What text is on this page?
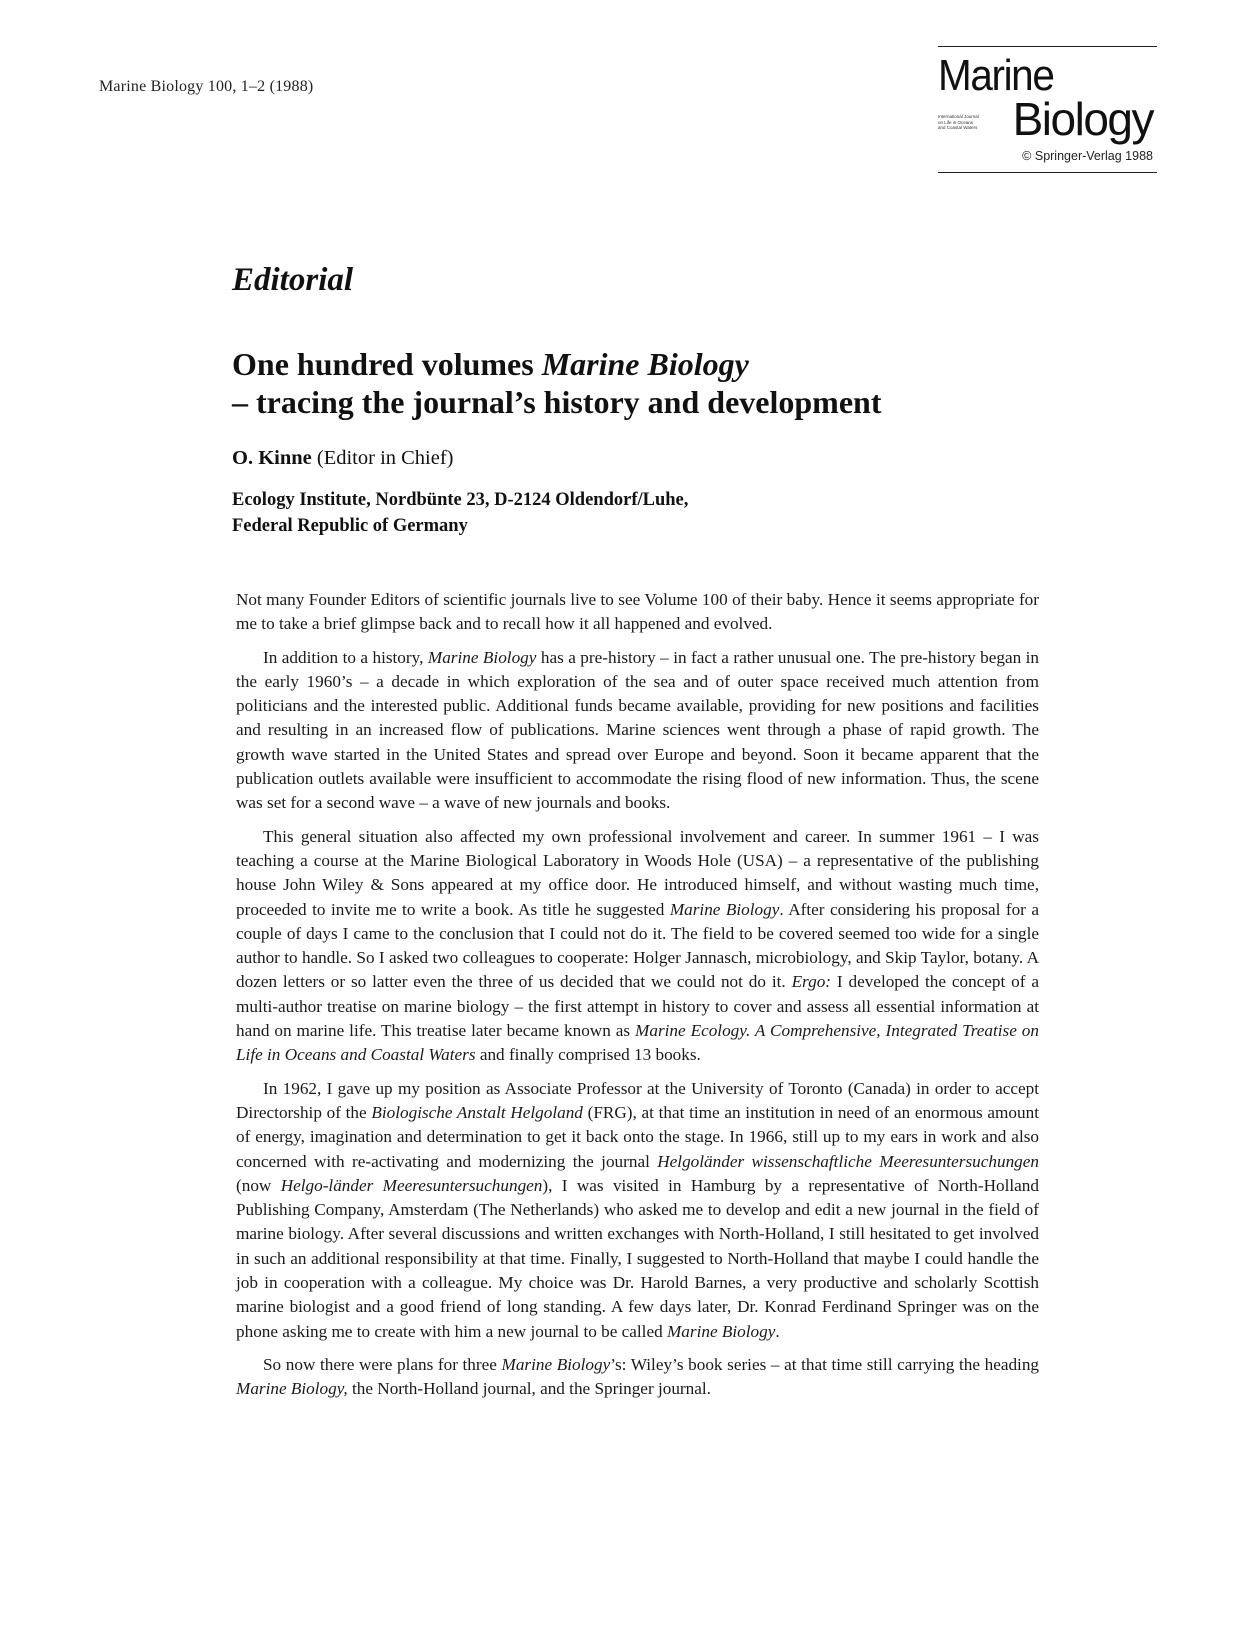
Marine Biology 100, 1–2 (1988)	Marine
International Journal
on Life in Oceans
and Coastal Waters Biology
© Springer-Verlag 1988
Editorial
One hundred volumes Marine Biology
– tracing the journal’s history and development
O. Kinne (Editor in Chief)
Ecology Institute, Nordbünte 23, D-2124 Oldendorf/Luhe,
Federal Republic of Germany

Not many Founder Editors of scientific journals live to see Volume 100 of their baby. Hence it seems appropriate for me to take a brief glimpse back and to recall how it all happened and evolved.

In addition to a history, Marine Biology has a pre-history – in fact a rather unusual one. The pre-history began in the early 1960’s – a decade in which exploration of the sea and of outer space received much attention from politicians and the interested public. Additional funds became available, providing for new positions and facilities and resulting in an increased flow of publications. Marine sciences went through a phase of rapid growth. The growth wave started in the United States and spread over Europe and beyond. Soon it became apparent that the publication outlets available were insufficient to accommodate the rising flood of new information. Thus, the scene was set for a second wave – a wave of new journals and books.

This general situation also affected my own professional involvement and career. In summer 1961 – I was teaching a course at the Marine Biological Laboratory in Woods Hole (USA) – a representative of the publishing house John Wiley & Sons appeared at my office door. He introduced himself, and without wasting much time, proceeded to invite me to write a book. As title he suggested Marine Biology. After considering his proposal for a couple of days I came to the conclusion that I could not do it. The field to be covered seemed too wide for a single author to handle. So I asked two colleagues to cooperate: Holger Jannasch, microbiology, and Skip Taylor, botany. A dozen letters or so latter even the three of us decided that we could not do it. Ergo: I developed the concept of a multi-author treatise on marine biology – the first attempt in history to cover and assess all essential information at hand on marine life. This treatise later became known as Marine Ecology. A Comprehensive, Integrated Treatise on Life in Oceans and Coastal Waters and finally comprised 13 books.

In 1962, I gave up my position as Associate Professor at the University of Toronto (Canada) in order to accept Directorship of the Biologische Anstalt Helgoland (FRG), at that time an institution in need of an enormous amount of energy, imagination and determination to get it back onto the stage. In 1966, still up to my ears in work and also concerned with re-activating and modernizing the journal Helgoländer wissenschaftliche Meeresuntersuchungen (now Helgo-länder Meeresuntersuchungen), I was visited in Hamburg by a representative of North-Holland Publishing Company, Amsterdam (The Netherlands) who asked me to develop and edit a new journal in the field of marine biology. After several discussions and written exchanges with North-Holland, I still hesitated to get involved in such an additional responsibility at that time. Finally, I suggested to North-Holland that maybe I could handle the job in cooperation with a colleague. My choice was Dr. Harold Barnes, a very productive and scholarly Scottish marine biologist and a good friend of long standing. A few days later, Dr. Konrad Ferdinand Springer was on the phone asking me to create with him a new journal to be called Marine Biology.

So now there were plans for three Marine Biology’s: Wiley’s book series – at that time still carrying the heading Marine Biology, the North-Holland journal, and the Springer journal.
